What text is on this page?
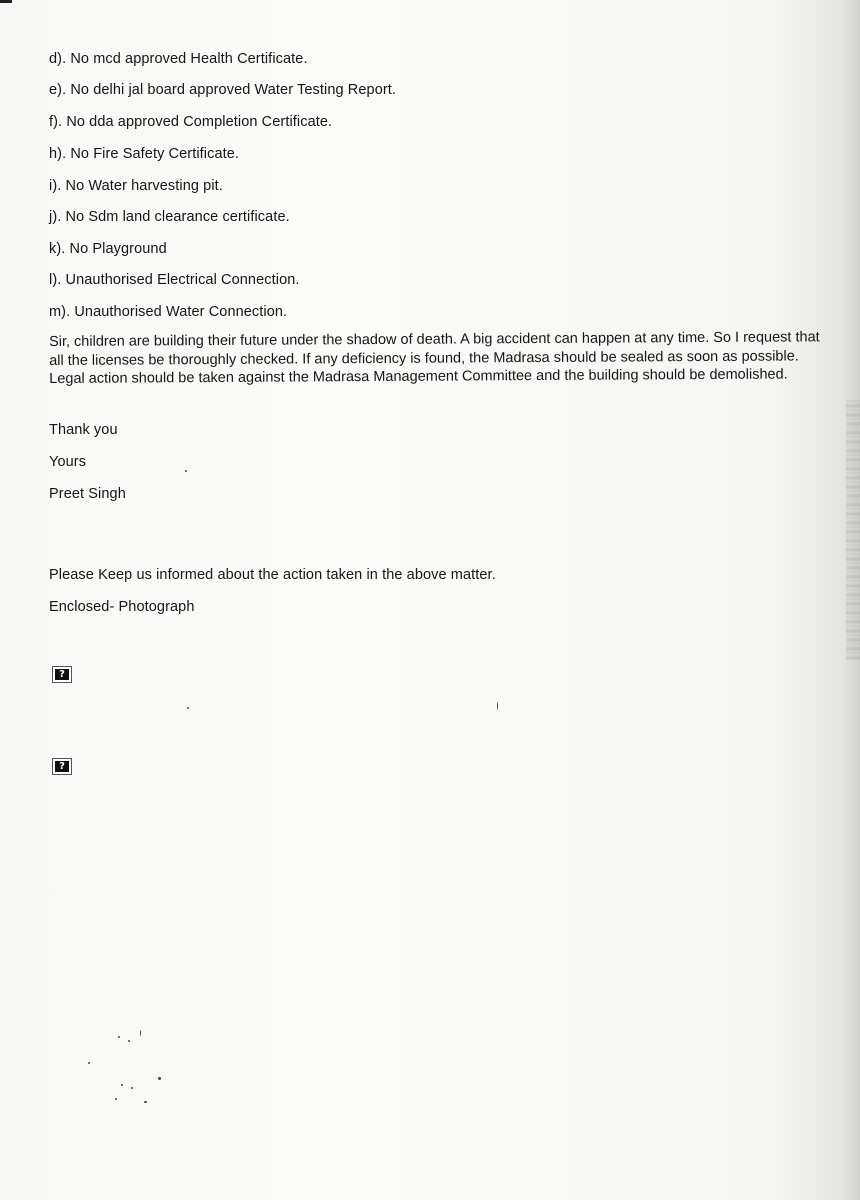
d). No mcd approved Health Certificate.
e). No delhi jal board approved Water Testing Report.
f). No dda approved Completion Certificate.
h). No Fire Safety Certificate.
i). No Water harvesting pit.
j). No Sdm land clearance certificate.
k). No Playground
l). Unauthorised Electrical Connection.
m). Unauthorised Water Connection.
Sir, children are building their future under the shadow of death. A big accident can happen at any time. So I request that all the licenses be thoroughly checked. If any deficiency is found, the Madrasa should be sealed as soon as possible. Legal action should be taken against the Madrasa Management Committee and the building should be demolished.
Thank you
Yours
Preet Singh
Please Keep us informed about the action taken in the above matter.
Enclosed- Photograph
?
?
